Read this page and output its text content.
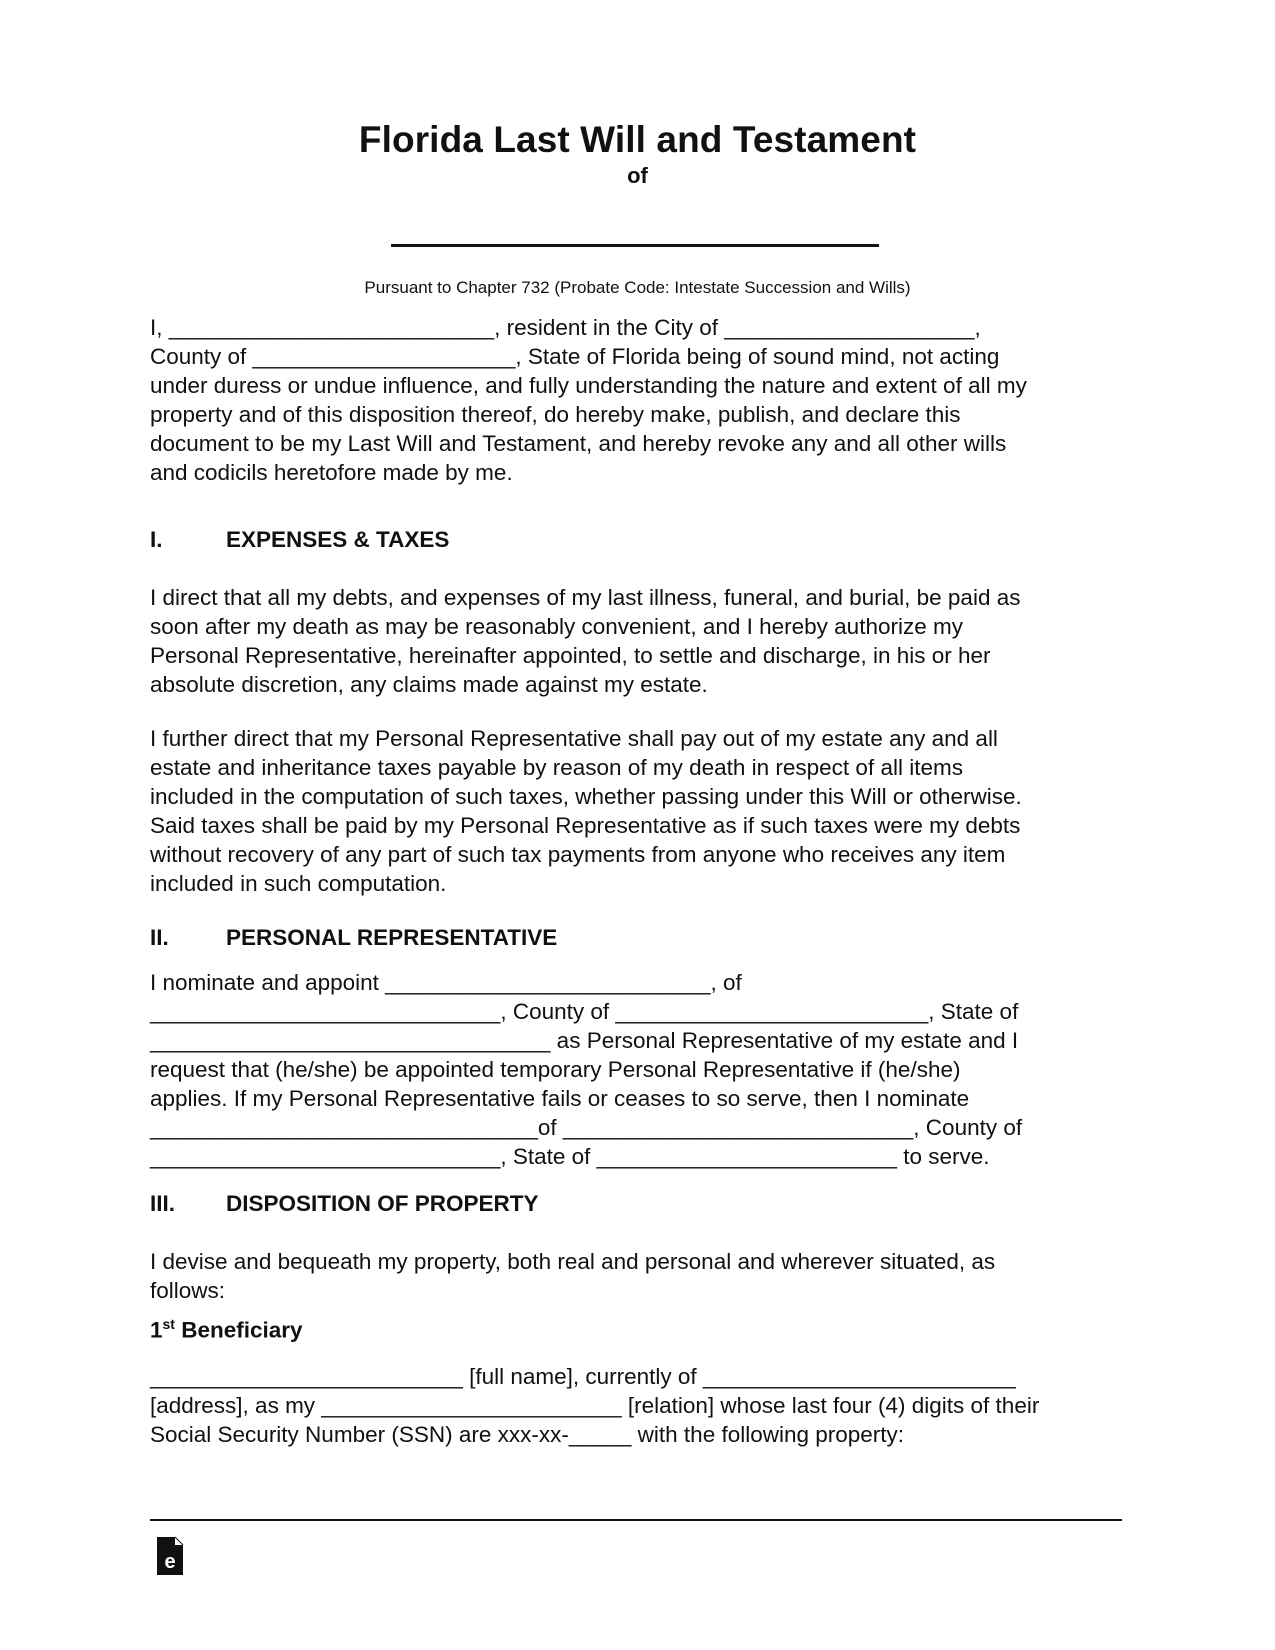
Florida Last Will and Testament
of
Pursuant to Chapter 732 (Probate Code: Intestate Succession and Wills)
I, __________________________, resident in the City of ____________________,
County of _____________________, State of Florida being of sound mind, not acting
under duress or undue influence, and fully understanding the nature and extent of all my
property and of this disposition thereof, do hereby make, publish, and declare this
document to be my Last Will and Testament, and hereby revoke any and all other wills
and codicils heretofore made by me.
I.	EXPENSES & TAXES
I direct that all my debts, and expenses of my last illness, funeral, and burial, be paid as
soon after my death as may be reasonably convenient, and I hereby authorize my
Personal Representative, hereinafter appointed, to settle and discharge, in his or her
absolute discretion, any claims made against my estate.
I further direct that my Personal Representative shall pay out of my estate any and all
estate and inheritance taxes payable by reason of my death in respect of all items
included in the computation of such taxes, whether passing under this Will or otherwise.
Said taxes shall be paid by my Personal Representative as if such taxes were my debts
without recovery of any part of such tax payments from anyone who receives any item
included in such computation.
II.	PERSONAL REPRESENTATIVE
I nominate and appoint __________________________, of
____________________________, County of _________________________, State of
________________________________ as Personal Representative of my estate and I
request that (he/she) be appointed temporary Personal Representative if (he/she)
applies. If my Personal Representative fails or ceases to so serve, then I nominate
_______________________________of ____________________________, County of
____________________________, State of ________________________ to serve.
III. DISPOSITION OF PROPERTY
I devise and bequeath my property, both real and personal and wherever situated, as
follows:
1st Beneficiary
_________________________ [full name], currently of _________________________
[address], as my ________________________ [relation] whose last four (4) digits of their
Social Security Number (SSN) are xxx-xx-_____ with the following property:
e
